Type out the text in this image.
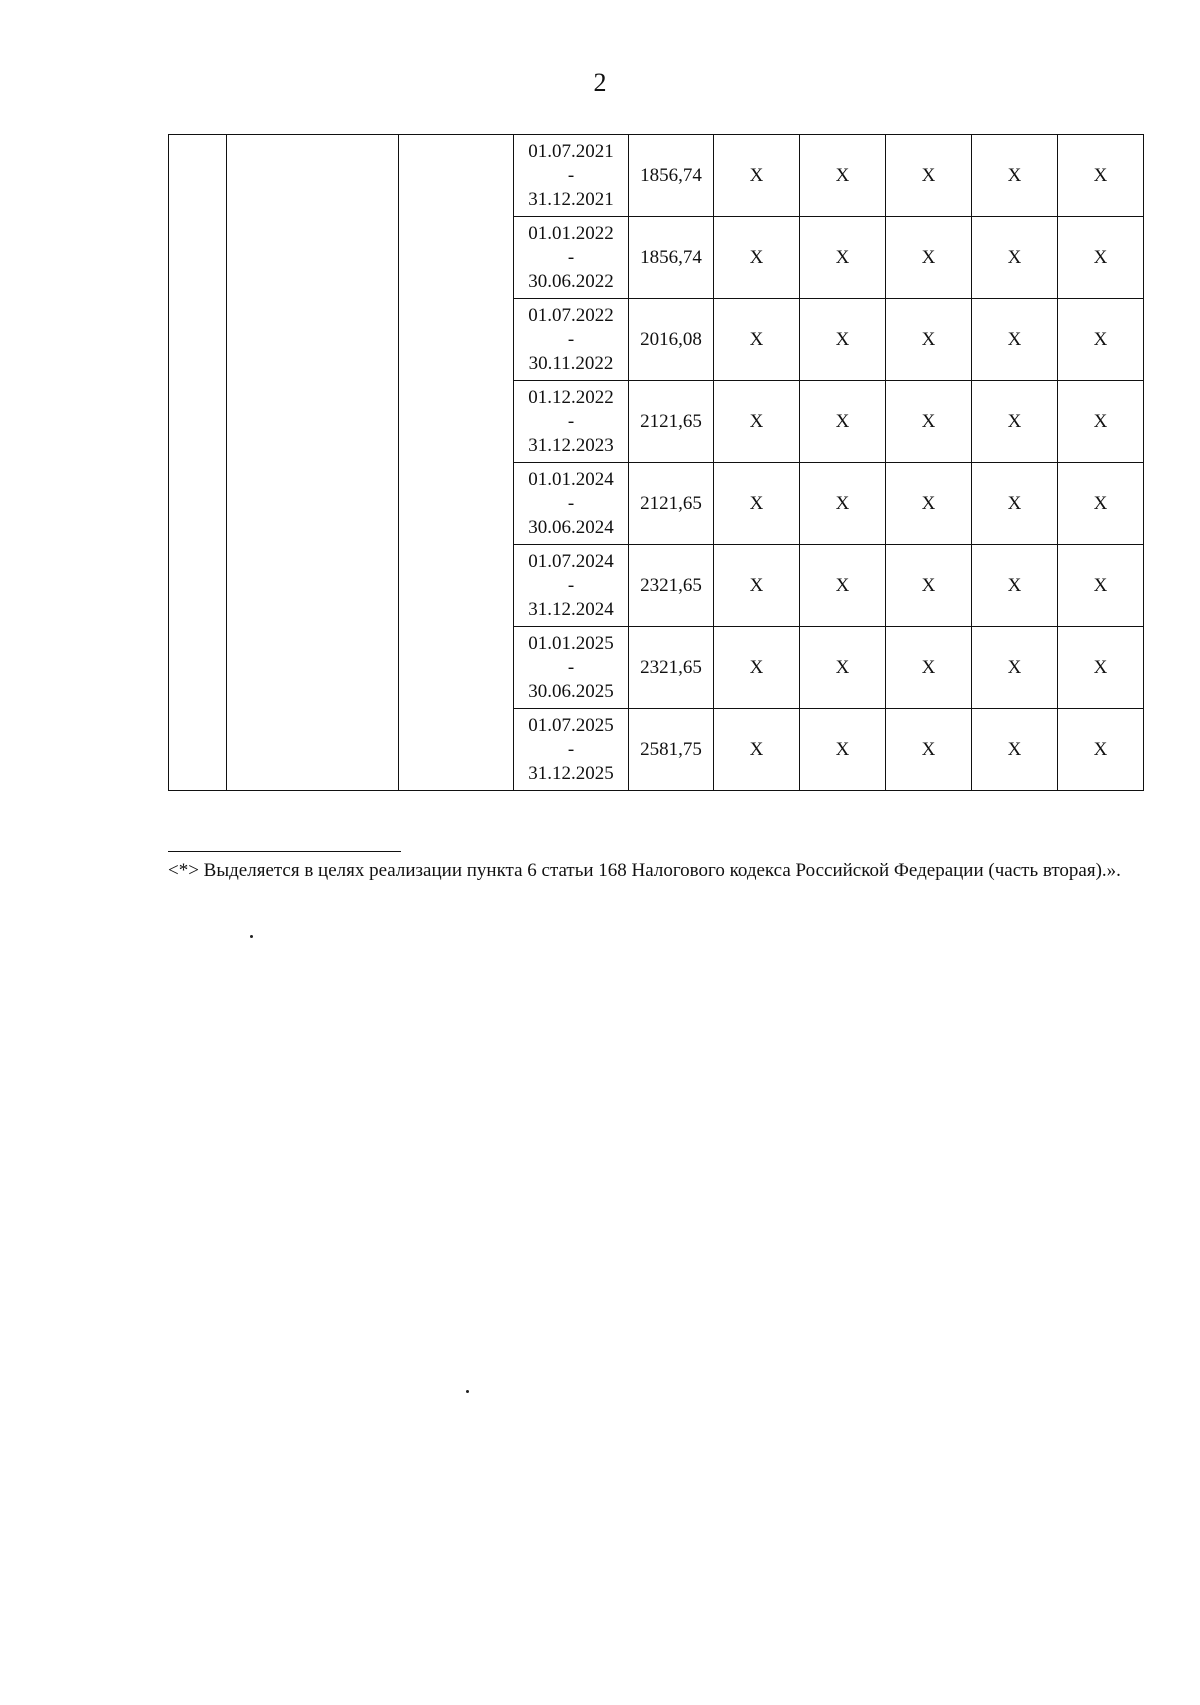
2

			01.07.2021
-
31.12.2021	1856,74	X	X	X	X	X

			01.01.2022
-
30.06.2022	1856,74	X	X	X	X	X

			01.07.2022
-
30.11.2022	2016,08	X	X	X	X	X

			01.12.2022
-
31.12.2023	2121,65	X	X	X	X	X

			01.01.2024
-
30.06.2024	2121,65	X	X	X	X	X

			01.07.2024
-
31.12.2024	2321,65	X	X	X	X	X

			01.01.2025
-
30.06.2025	2321,65	X	X	X	X	X

			01.07.2025
-
31.12.2025	2581,75	X	X	X	X	X
<*> Выделяется в целях реализации пункта 6 статьи 168 Налогового кодекса Российской Федерации (часть вторая).».
